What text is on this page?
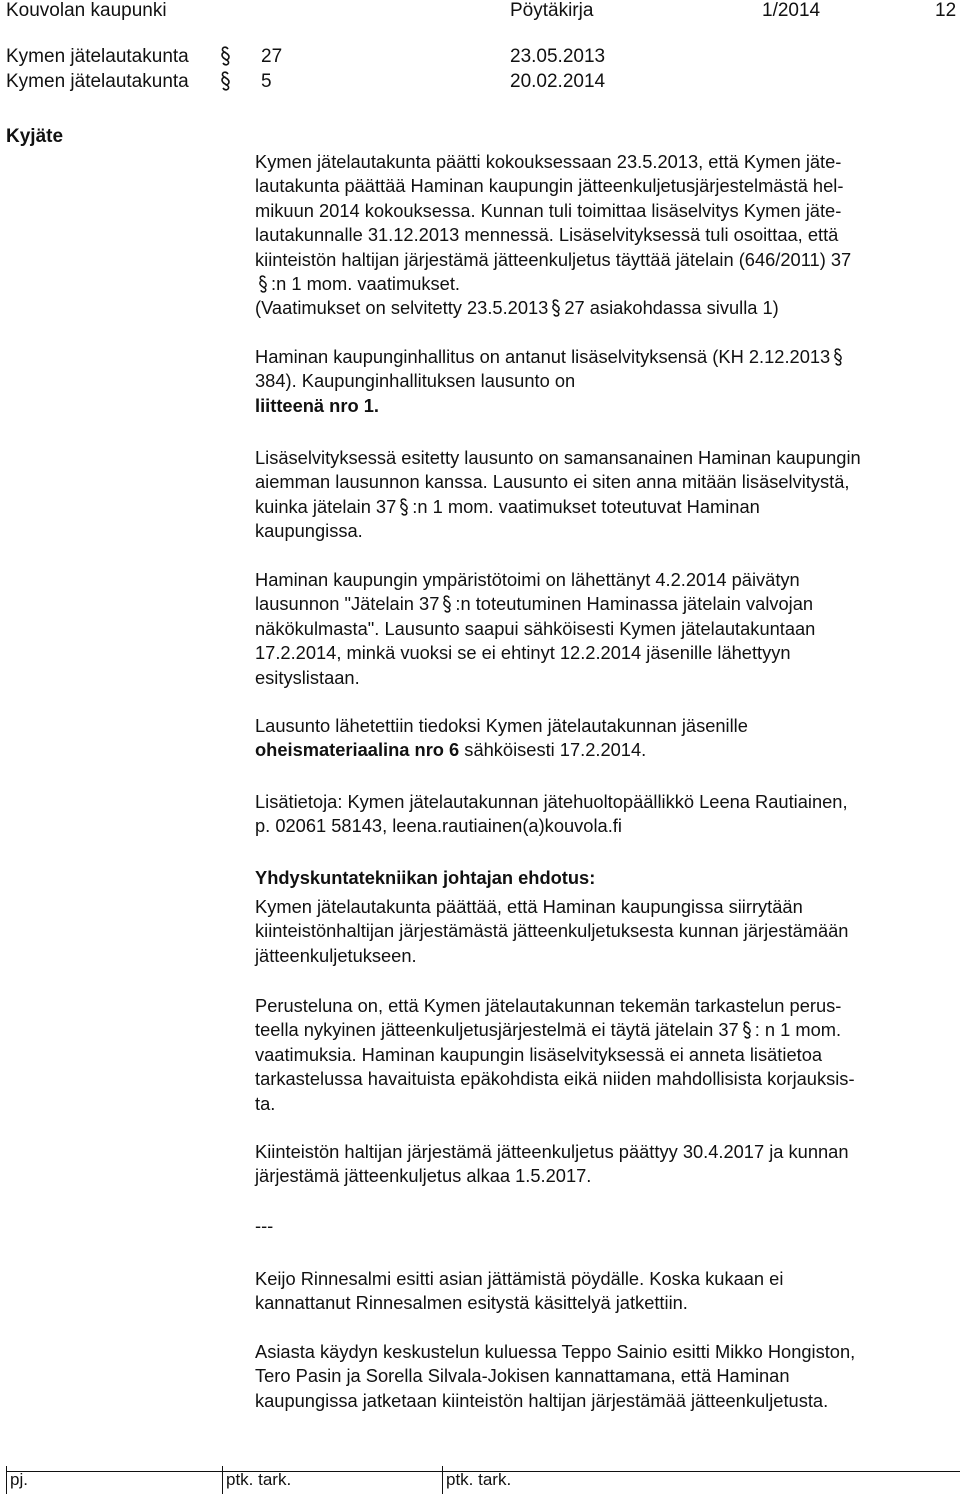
Kouvolan kaupunki	Pöytäkirja	1/2014	12
Kymen jätelautakunta	27	23.05.2013
Kymen jätelautakunta	5	20.02.2014
Kyjäte
Kymen jätelautakunta päätti kokouksessaan 23.5.2013, että Kymen jäte-
lautakunta päättää Haminan kaupungin jätteenkuljetusjärjestelmästä hel-
mikuun 2014 kokouksessa. Kunnan tuli toimittaa lisäselvitys Kymen jäte-
lautakunnalle 31.12.2013 mennessä. Lisäselvityksessä tuli osoittaa, että
kiinteistön haltijan järjestämä jätteenkuljetus täyttää jätelain (646/2011) 37
:n 1 mom. vaatimukset.
(Vaatimukset on selvitetty 23.5.2013 27 asiakohdassa sivulla 1)
Haminan kaupunginhallitus on antanut lisäselvityksensä (KH 2.12.2013
384). Kaupunginhallituksen lausunto on
liitteenä nro 1.
Lisäselvityksessä esitetty lausunto on samansanainen Haminan kaupungin
aiemman lausunnon kanssa. Lausunto ei siten anna mitään lisäselvitystä,
kuinka jätelain 37 :n 1 mom. vaatimukset toteutuvat Haminan
kaupungissa.
Haminan kaupungin ympäristötoimi on lähettänyt 4.2.2014 päivätyn
lausunnon "Jätelain 37 :n toteutuminen Haminassa jätelain valvojan
näkökulmasta". Lausunto saapui sähköisesti Kymen jätelautakuntaan
17.2.2014, minkä vuoksi se ei ehtinyt 12.2.2014 jäsenille lähettyyn
esityslistaan.
Lausunto lähetettiin tiedoksi Kymen jätelautakunnan jäsenille
oheismateriaalina nro 6 sähköisesti 17.2.2014.
Lisätietoja: Kymen jätelautakunnan jätehuoltopäällikkö Leena Rautiainen,
p. 02061 58143, leena.rautiainen(a)kouvola.fi
Yhdyskuntatekniikan johtajan ehdotus:
Kymen jätelautakunta päättää, että Haminan kaupungissa siirrytään
kiinteistönhaltijan järjestämästä jätteenkuljetuksesta kunnan järjestämään
jätteenkuljetukseen.
Perusteluna on, että Kymen jätelautakunnan tekemän tarkastelun perus-
teella nykyinen jätteenkuljetusjärjestelmä ei täytä jätelain 37 : n 1 mom.
vaatimuksia. Haminan kaupungin lisäselvityksessä ei anneta lisätietoa
tarkastelussa havaituista epäkohdista eikä niiden mahdollisista korjauksis-
ta.
Kiinteistön haltijan järjestämä jätteenkuljetus päättyy 30.4.2017 ja kunnan
järjestämä jätteenkuljetus alkaa 1.5.2017.
---
Keijo Rinnesalmi esitti asian jättämistä pöydälle. Koska kukaan ei
kannattanut Rinnesalmen esitystä käsittelyä jatkettiin.
Asiasta käydyn keskustelun kuluessa Teppo Sainio esitti Mikko Hongiston,
Tero Pasin ja Sorella Silvala-Jokisen kannattamana, että Haminan
kaupungissa jatketaan kiinteistön haltijan järjestämää jätteenkuljetusta.
pj.	ptk. tark.	ptk. tark.
